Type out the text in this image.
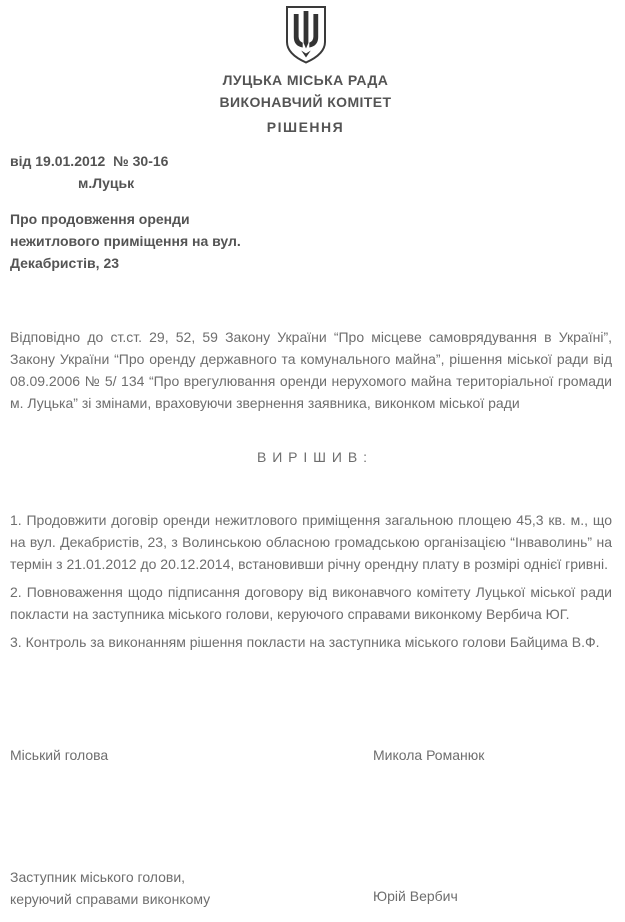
ЛУЦЬКА МІСЬКА РАДА
ВИКОНАВЧИЙ КОМІТЕТ
РІШЕННЯ
від 19.01.2012  № 30-16
м.Луцьк
Про продовження оренди
нежитлового приміщення на вул.
Декабристів, 23

Відповідно до ст.ст. 29, 52, 59 Закону України “Про місцеве самоврядування в Україні”, Закону України “Про оренду державного та комунального майна”, рішення міської ради від 08.09.2006 № 5/ 134 “Про врегулювання оренди нерухомого майна територіальної громади м. Луцька” зі змінами, враховуючи звернення заявника, виконком міської ради

В И Р І Ш И В :

1. Продовжити договір оренди нежитлового приміщення загальною площею 45,3 кв. м., що на вул. Декабристів, 23, з Волинською обласною громадською організацією “Інваволинь” на термін з 21.01.2012 до 20.12.2014, встановивши річну орендну плату в розмірі однієї гривні.

2. Повноваження щодо підписання договору від виконавчого комітету Луцької міської ради покласти на заступника міського голови, керуючого справами виконкому Вербича ЮГ.

3. Контроль за виконанням рішення покласти на заступника міського голови Байцима В.Ф.

Міський голова	Микола Романюк
Заступник міського голови,
керуючий справами виконкому	Юрій Вербич
